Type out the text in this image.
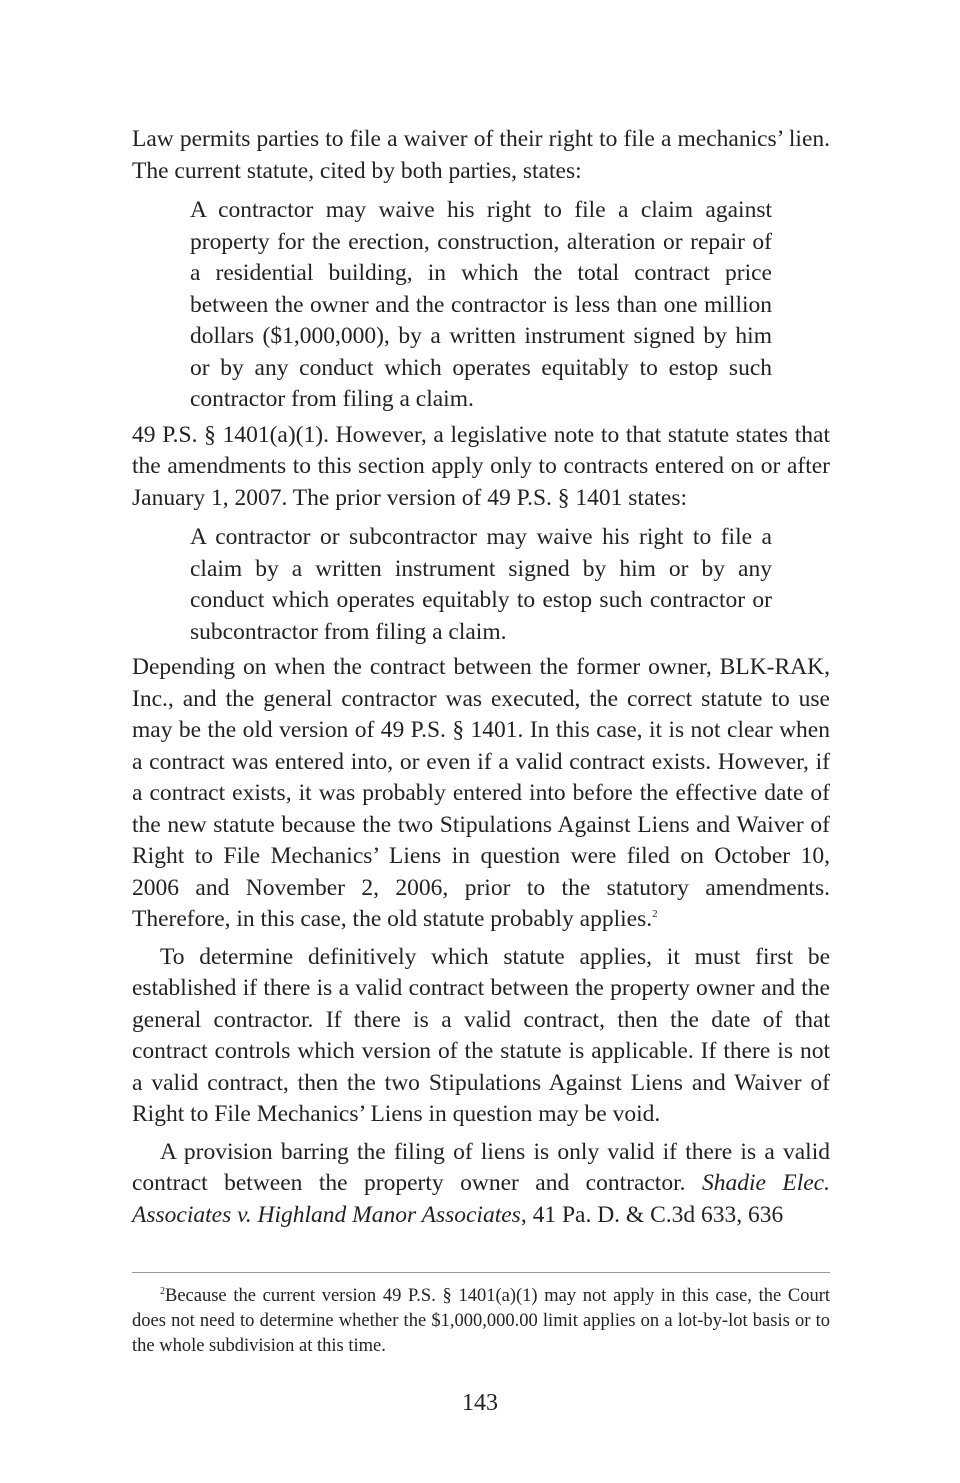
Law permits parties to file a waiver of their right to file a mechanics’ lien. The current statute, cited by both parties, states:

A contractor may waive his right to file a claim against property for the erection, construction, alteration or repair of a residential building, in which the total contract price between the owner and the contractor is less than one million dollars ($1,000,000), by a written instrument signed by him or by any conduct which operates equitably to estop such contractor from filing a claim.

49 P.S. § 1401(a)(1). However, a legislative note to that statute states that the amendments to this section apply only to contracts entered on or after January 1, 2007. The prior version of 49 P.S. § 1401 states:

A contractor or subcontractor may waive his right to file a claim by a written instrument signed by him or by any conduct which operates equitably to estop such contractor or subcontractor from filing a claim.

Depending on when the contract between the former owner, BLK-RAK, Inc., and the general contractor was executed, the correct statute to use may be the old version of 49 P.S. § 1401. In this case, it is not clear when a contract was entered into, or even if a valid contract exists. However, if a contract exists, it was probably entered into before the effective date of the new statute because the two Stipulations Against Liens and Waiver of Right to File Mechanics’ Liens in question were filed on October 10, 2006 and November 2, 2006, prior to the statutory amendments. Therefore, in this case, the old statute probably applies.$^2$

To determine definitively which statute applies, it must first be established if there is a valid contract between the property owner and the general contractor. If there is a valid contract, then the date of that contract controls which version of the statute is applicable. If there is not a valid contract, then the two Stipulations Against Liens and Waiver of Right to File Mechanics’ Liens in question may be void.

A provision barring the filing of liens is only valid if there is a valid contract between the property owner and contractor. Shadie Elec. Associates v. Highland Manor Associates, 41 Pa. D. & C.3d 633, 636

$^2$Because the current version 49 P.S. § 1401(a)(1) may not apply in this case, the Court does not need to determine whether the $1,000,000.00 limit applies on a lot-by-lot basis or to the whole subdivision at this time.

143
